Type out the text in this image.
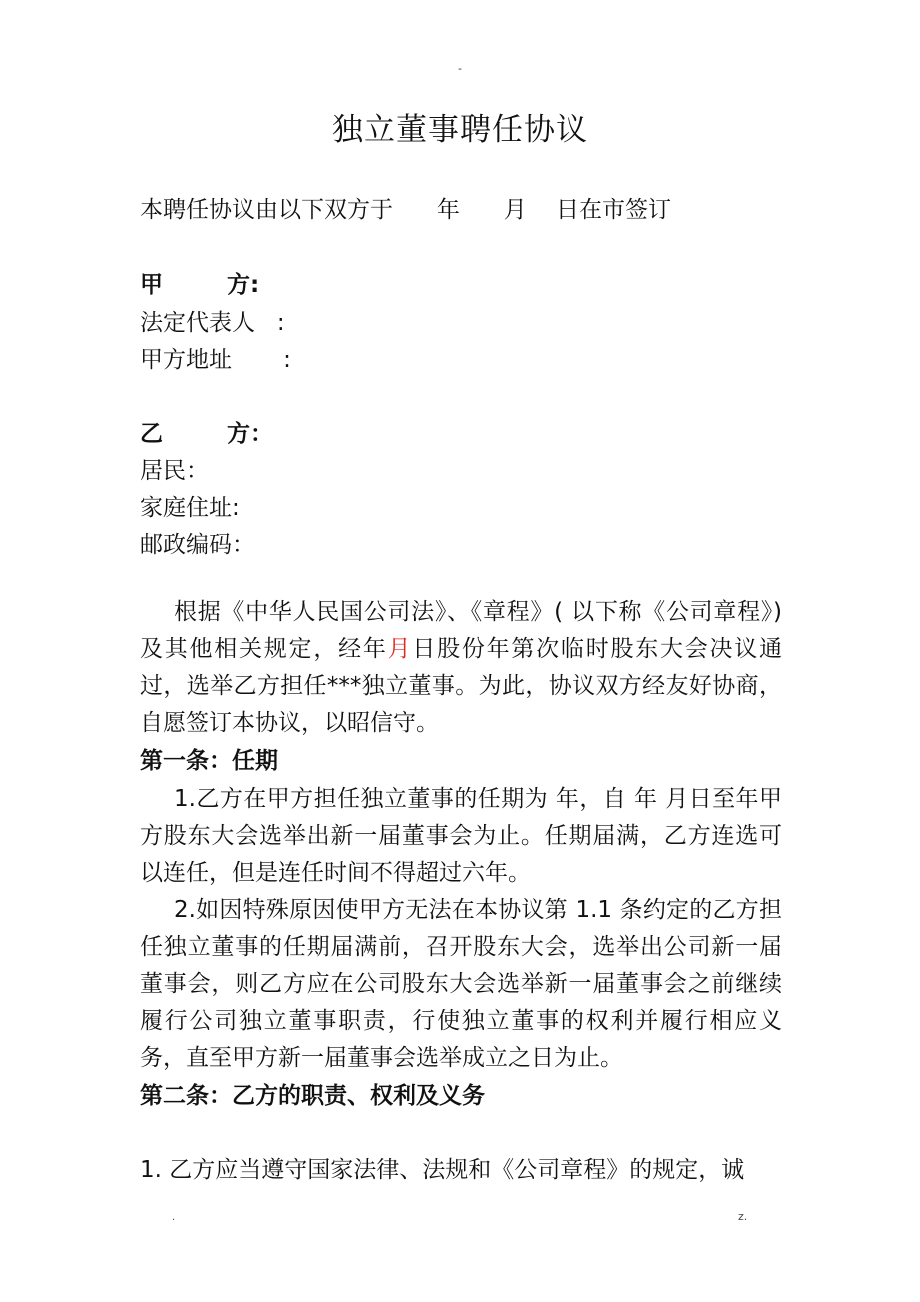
-
独立董事聘任协议
本聘任协议由以下双方于      年      月    日在市签订
甲        方:
法定代表人   :
甲方地址       :
乙        方：
居民：
家庭住址:
邮政编码：
根据《中华人民国公司法》、《章程》( 以下称《公司章程》) 及其他相关规定，经年月日股份年第次临时股东大会决议通过，选举乙方担任***独立董事。为此，协议双方经友好协商，自愿签订本协议，以昭信守。
第一条：任期
1.乙方在甲方担任独立董事的任期为 年，自 年 月日至年甲方股东大会选举出新一届董事会为止。任期届满，乙方连选可以连任，但是连任时间不得超过六年。
2.如因特殊原因使甲方无法在本协议第 1.1 条约定的乙方担任独立董事的任期届满前，召开股东大会，选举出公司新一届董事会，则乙方应在公司股东大会选举新一届董事会之前继续履行公司独立董事职责，行使独立董事的权利并履行相应义务，直至甲方新一届董事会选举成立之日为止。
第二条：乙方的职责、权利及义务
1. 乙方应当遵守国家法律、法规和《公司章程》的规定，诚
.	z.
